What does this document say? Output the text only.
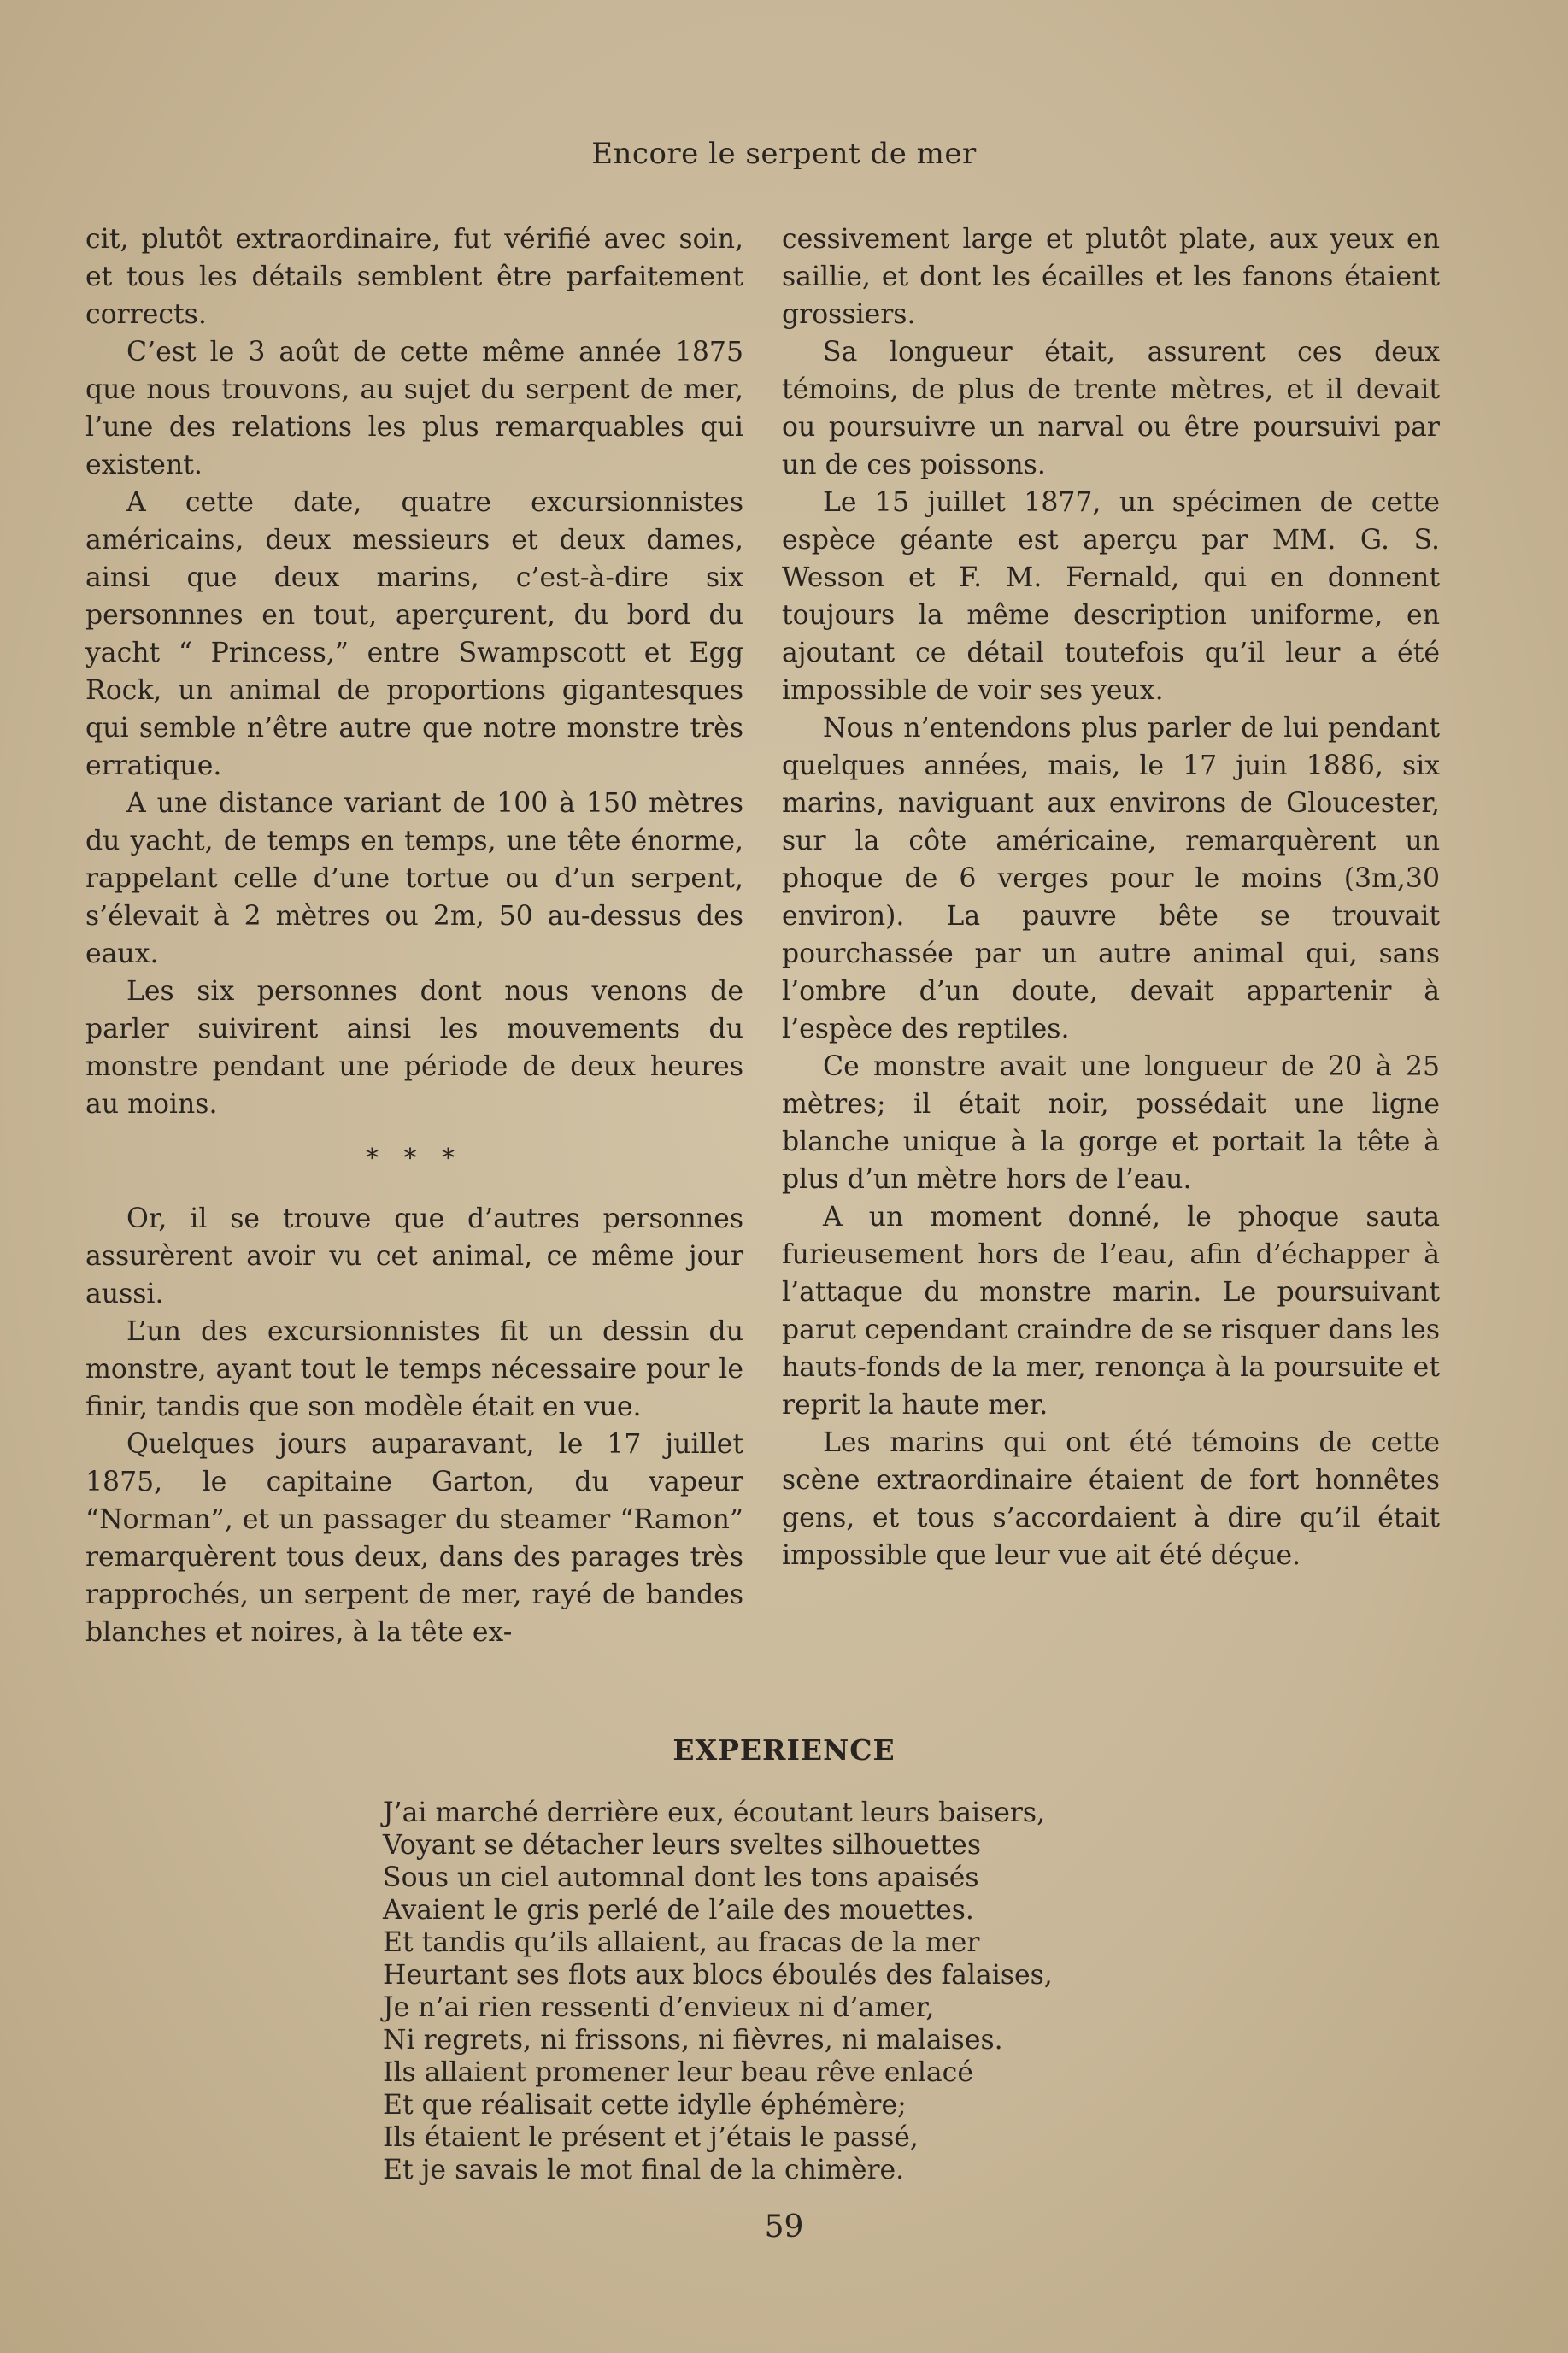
Encore le serpent de mer

cit, plutôt extraordinaire, fut vérifié avec soin, et tous les détails semblent être parfaitement corrects.

C’est le 3 août de cette même année 1875 que nous trouvons, au sujet du serpent de mer, l’une des relations les plus remarquables qui existent.

A cette date, quatre excursionnistes américains, deux messieurs et deux dames, ainsi que deux marins, c’est-à-dire six personnnes en tout, aperçurent, du bord du yacht “ Princess,” entre Swampscott et Egg Rock, un animal de proportions gigantesques qui semble n’être autre que notre monstre très erratique.

A une distance variant de 100 à 150 mètres du yacht, de temps en temps, une tête énorme, rappelant celle d’une tortue ou d’un serpent, s’élevait à 2 mètres ou 2m, 50 au-dessus des eaux.

Les six personnes dont nous venons de parler suivirent ainsi les mouvements du monstre pendant une période de deux heures au moins.

* * *

Or, il se trouve que d’autres personnes assurèrent avoir vu cet animal, ce même jour aussi.

L’un des excursionnistes fit un dessin du monstre, ayant tout le temps nécessaire pour le finir, tandis que son modèle était en vue.

Quelques jours auparavant, le 17 juillet 1875, le capitaine Garton, du vapeur “Norman”, et un passager du steamer “Ramon” remarquèrent tous deux, dans des parages très rapprochés, un serpent de mer, rayé de bandes blanches et noires, à la tête ex-

cessivement large et plutôt plate, aux yeux en saillie, et dont les écailles et les fanons étaient grossiers.

Sa longueur était, assurent ces deux témoins, de plus de trente mètres, et il devait ou poursuivre un narval ou être poursuivi par un de ces poissons.

Le 15 juillet 1877, un spécimen de cette espèce géante est aperçu par MM. G. S. Wesson et F. M. Fernald, qui en donnent toujours la même description uniforme, en ajoutant ce détail toutefois qu’il leur a été impossible de voir ses yeux.

Nous n’entendons plus parler de lui pendant quelques années, mais, le 17 juin 1886, six marins, naviguant aux environs de Gloucester, sur la côte américaine, remarquèrent un phoque de 6 verges pour le moins (3m,30 environ). La pauvre bête se trouvait pourchassée par un autre animal qui, sans l’ombre d’un doute, devait appartenir à l’espèce des reptiles.

Ce monstre avait une longueur de 20 à 25 mètres; il était noir, possédait une ligne blanche unique à la gorge et portait la tête à plus d’un mètre hors de l’eau.

A un moment donné, le phoque sauta furieusement hors de l’eau, afin d’échapper à l’attaque du monstre marin. Le poursuivant parut cependant craindre de se risquer dans les hauts-fonds de la mer, renonça à la poursuite et reprit la haute mer.

Les marins qui ont été témoins de cette scène extraordinaire étaient de fort honnêtes gens, et tous s’accordaient à dire qu’il était impossible que leur vue ait été déçue.

EXPERIENCE
J’ai marché derrière eux, écoutant leurs baisers,
Voyant se détacher leurs sveltes silhouettes
Sous un ciel automnal dont les tons apaisés
Avaient le gris perlé de l’aile des mouettes.
Et tandis qu’ils allaient, au fracas de la mer
Heurtant ses flots aux blocs éboulés des falaises,
Je n’ai rien ressenti d’envieux ni d’amer,
Ni regrets, ni frissons, ni fièvres, ni malaises.
Ils allaient promener leur beau rêve enlacé
Et que réalisait cette idylle éphémère;
Ils étaient le présent et j’étais le passé,
Et je savais le mot final de la chimère.
59
